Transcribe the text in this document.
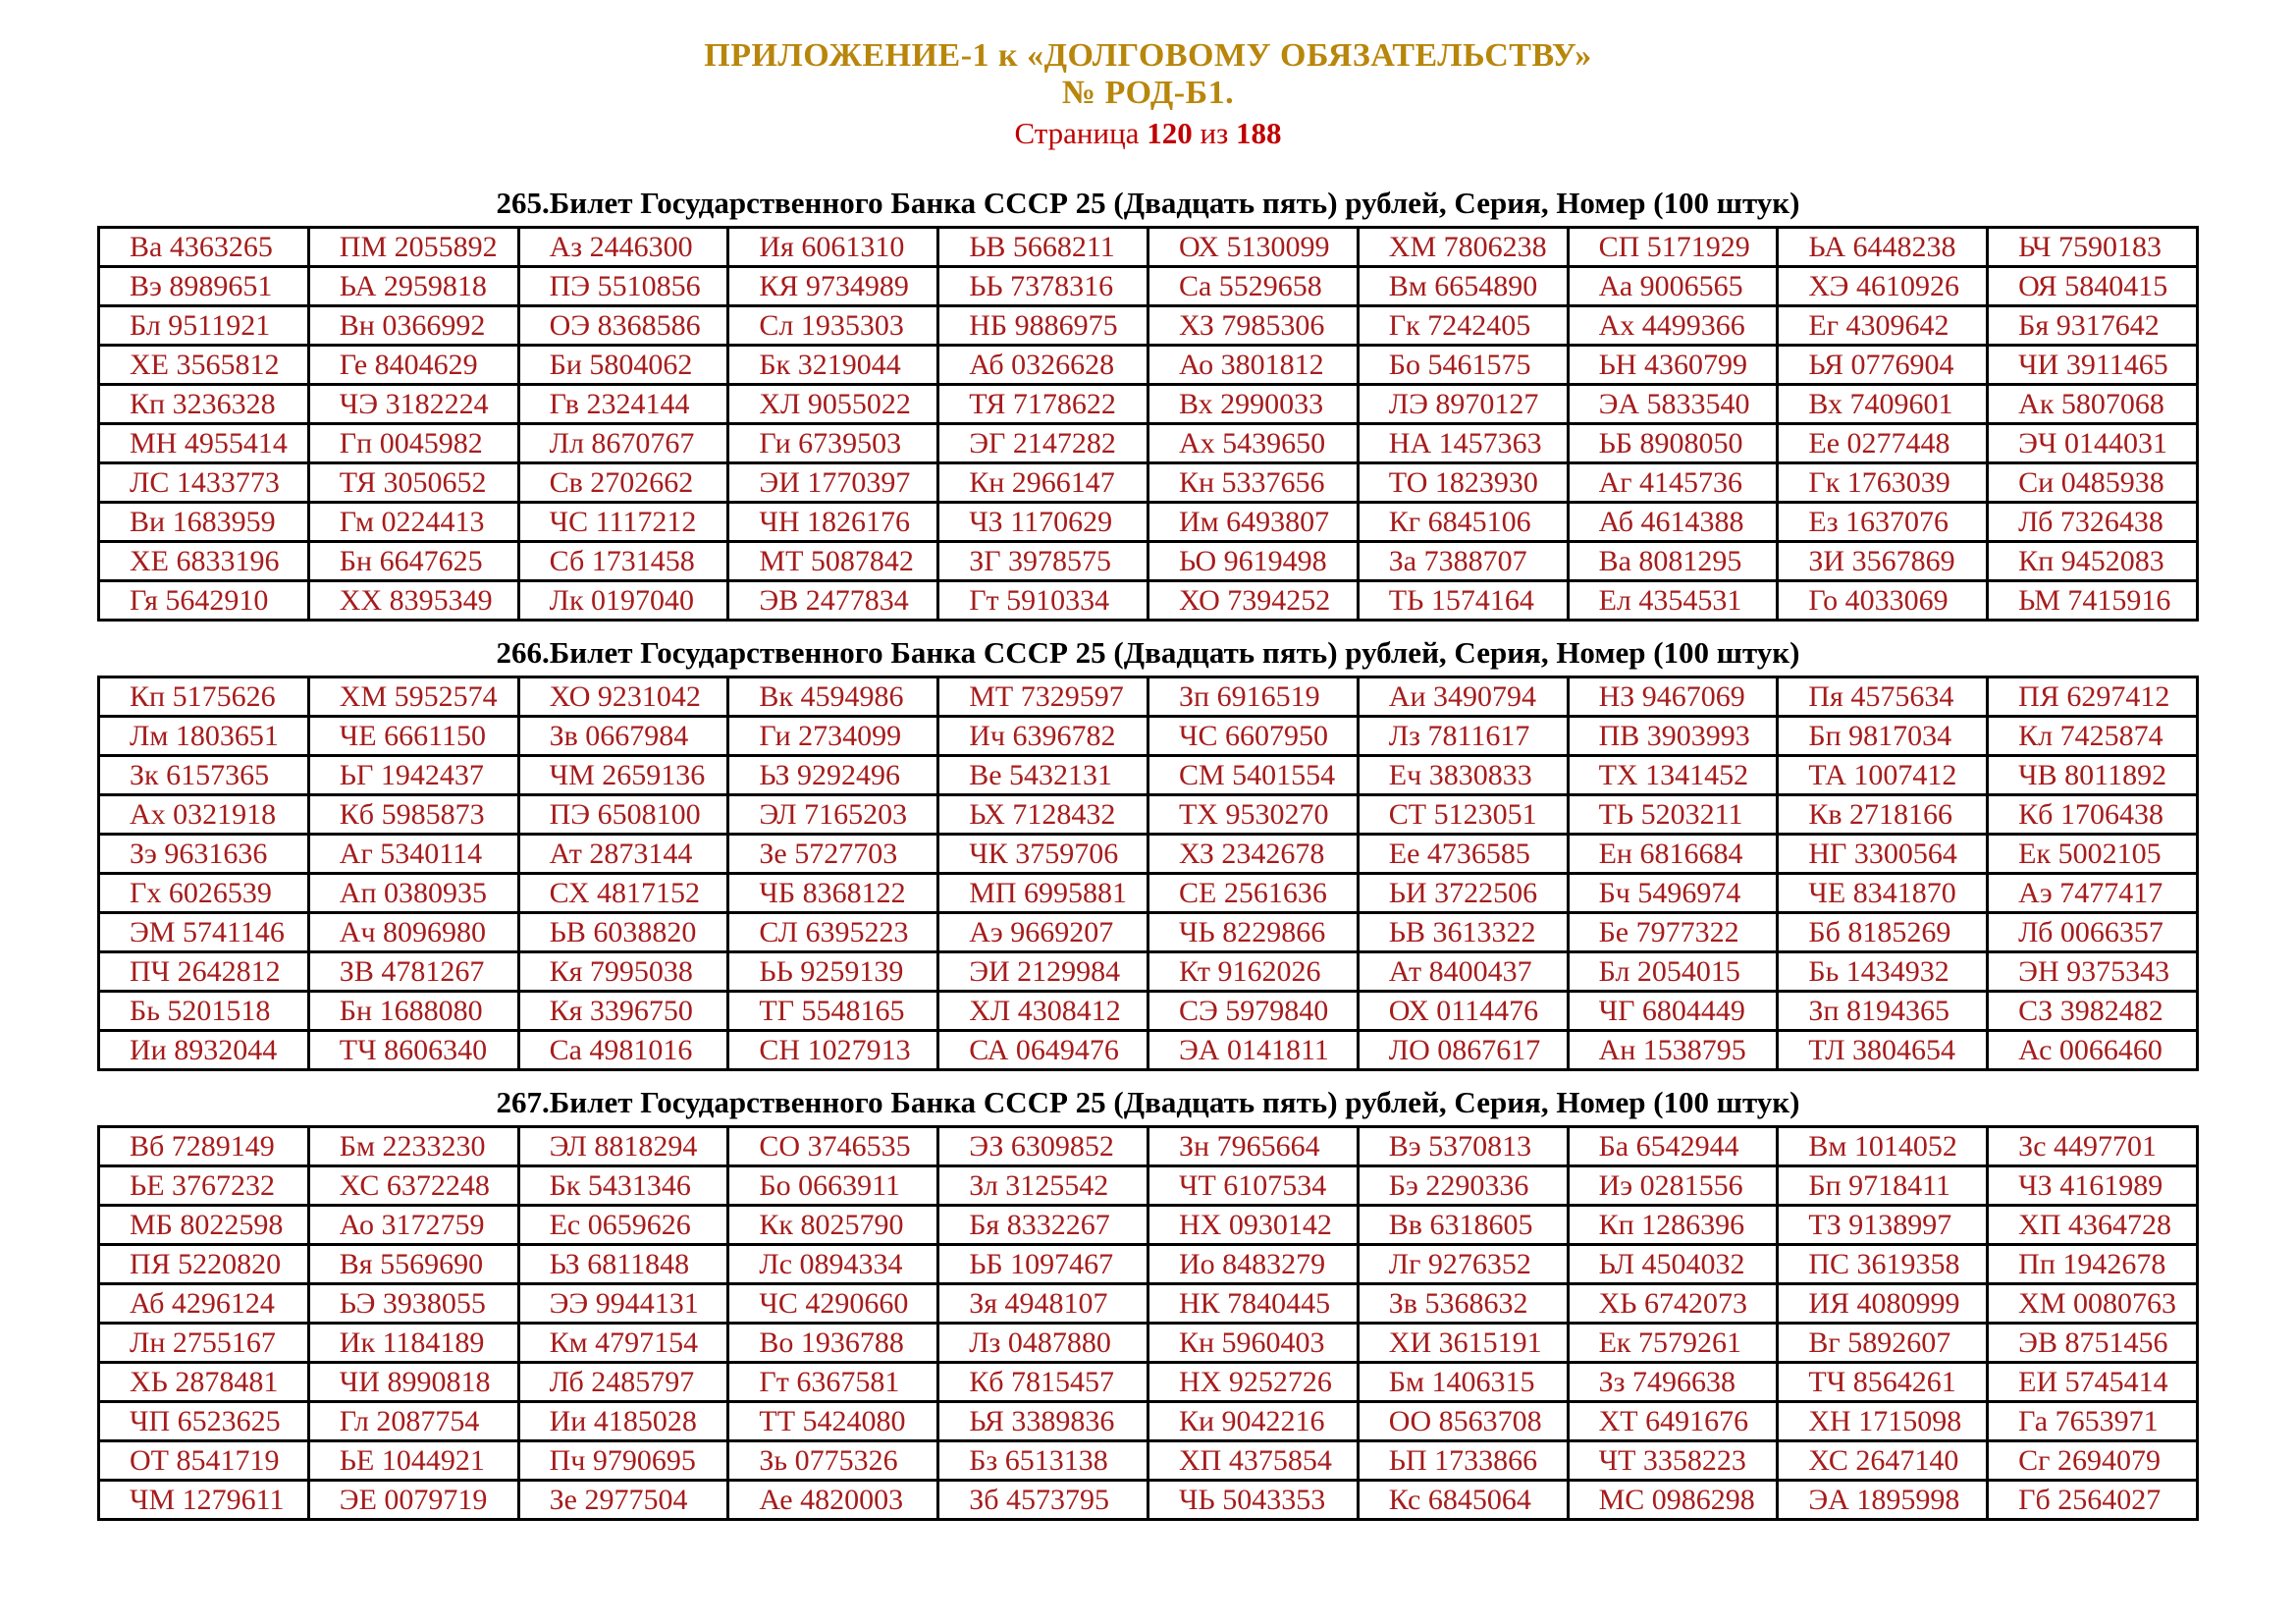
ПРИЛОЖЕНИЕ-1 к «ДОЛГОВОМУ ОБЯЗАТЕЛЬСТВУ»
№ РОД-Б1.
Страница 120 из 188
265.Билет Государственного Банка СССР 25 (Двадцать пять) рублей, Серия, Номер (100 штук)
Ва 4363265	ПМ 2055892	Аз 2446300	Ия 6061310	ЬВ 5668211	ОХ 5130099	ХМ 7806238	СП 5171929	ЬА 6448238	ЬЧ 7590183
Вэ 8989651	ЬА 2959818	ПЭ 5510856	КЯ 9734989	ЬЬ 7378316	Са 5529658	Вм 6654890	Аа 9006565	ХЭ 4610926	ОЯ 5840415
Бл 9511921	Вн 0366992	ОЭ 8368586	Сл 1935303	НБ 9886975	ХЗ 7985306	Гк 7242405	Ах 4499366	Ег 4309642	Бя 9317642
ХЕ 3565812	Ге 8404629	Би 5804062	Бк 3219044	Аб 0326628	Ао 3801812	Бо 5461575	ЬН 4360799	ЬЯ 0776904	ЧИ 3911465
Кп 3236328	ЧЭ 3182224	Гв 2324144	ХЛ 9055022	ТЯ 7178622	Вх 2990033	ЛЭ 8970127	ЭА 5833540	Вх 7409601	Ак 5807068
МН 4955414	Гп 0045982	Лл 8670767	Ги 6739503	ЭГ 2147282	Ах 5439650	НА 1457363	ЬБ 8908050	Ее 0277448	ЭЧ 0144031
ЛС 1433773	ТЯ 3050652	Св 2702662	ЭИ 1770397	Кн 2966147	Кн 5337656	ТО 1823930	Аг 4145736	Гк 1763039	Си 0485938
Ви 1683959	Гм 0224413	ЧС 1117212	ЧН 1826176	ЧЗ 1170629	Им 6493807	Кг 6845106	Аб 4614388	Ез 1637076	Лб 7326438
ХЕ 6833196	Бн 6647625	Сб 1731458	МТ 5087842	ЗГ 3978575	ЬО 9619498	За 7388707	Ва 8081295	ЗИ 3567869	Кп 9452083
Гя 5642910	ХХ 8395349	Лк 0197040	ЭВ 2477834	Гт 5910334	ХО 7394252	ТЬ 1574164	Ел 4354531	Го 4033069	ЬМ 7415916
266.Билет Государственного Банка СССР 25 (Двадцать пять) рублей, Серия, Номер (100 штук)
Кп 5175626	ХМ 5952574	ХО 9231042	Вк 4594986	МТ 7329597	Зп 6916519	Аи 3490794	НЗ 9467069	Пя 4575634	ПЯ 6297412
Лм 1803651	ЧЕ 6661150	Зв 0667984	Ги 2734099	Ич 6396782	ЧС 6607950	Лз 7811617	ПВ 3903993	Бп 9817034	Кл 7425874
Зк 6157365	ЬГ 1942437	ЧМ 2659136	ЬЗ 9292496	Ве 5432131	СМ 5401554	Еч 3830833	ТХ 1341452	ТА 1007412	ЧВ 8011892
Ах 0321918	Кб 5985873	ПЭ 6508100	ЭЛ 7165203	ЬХ 7128432	ТХ 9530270	СТ 5123051	ТЬ 5203211	Кв 2718166	Кб 1706438
Зэ 9631636	Аг 5340114	Ат 2873144	Зе 5727703	ЧК 3759706	ХЗ 2342678	Ее 4736585	Ен 6816684	НГ 3300564	Ек 5002105
Гх 6026539	Ап 0380935	СХ 4817152	ЧБ 8368122	МП 6995881	СЕ 2561636	ЬИ 3722506	Бч 5496974	ЧЕ 8341870	Аэ 7477417
ЭМ 5741146	Ач 8096980	ЬВ 6038820	СЛ 6395223	Аэ 9669207	ЧЬ 8229866	ЬВ 3613322	Бе 7977322	Бб 8185269	Лб 0066357
ПЧ 2642812	ЗВ 4781267	Кя 7995038	ЬЬ 9259139	ЭИ 2129984	Кт 9162026	Ат 8400437	Бл 2054015	Бь 1434932	ЭН 9375343
Бь 5201518	Бн 1688080	Кя 3396750	ТГ 5548165	ХЛ 4308412	СЭ 5979840	ОХ 0114476	ЧГ 6804449	Зп 8194365	СЗ 3982482
Ии 8932044	ТЧ 8606340	Са 4981016	СН 1027913	СА 0649476	ЭА 0141811	ЛО 0867617	Ан 1538795	ТЛ 3804654	Ас 0066460
267.Билет Государственного Банка СССР 25 (Двадцать пять) рублей, Серия, Номер (100 штук)
Вб 7289149	Бм 2233230	ЭЛ 8818294	СО 3746535	ЭЗ 6309852	Зн 7965664	Вэ 5370813	Ба 6542944	Вм 1014052	Зс 4497701
ЬЕ 3767232	ХС 6372248	Бк 5431346	Бо 0663911	Зл 3125542	ЧТ 6107534	Бэ 2290336	Иэ 0281556	Бп 9718411	ЧЗ 4161989
МБ 8022598	Ао 3172759	Ес 0659626	Кк 8025790	Бя 8332267	НХ 0930142	Вв 6318605	Кп 1286396	ТЗ 9138997	ХП 4364728
ПЯ 5220820	Вя 5569690	ЬЗ 6811848	Лс 0894334	ЬБ 1097467	Ио 8483279	Лг 9276352	ЬЛ 4504032	ПС 3619358	Пп 1942678
Аб 4296124	ЬЭ 3938055	ЭЭ 9944131	ЧС 4290660	Зя 4948107	НК 7840445	Зв 5368632	ХЬ 6742073	ИЯ 4080999	ХМ 0080763
Лн 2755167	Ик 1184189	Км 4797154	Во 1936788	Лз 0487880	Кн 5960403	ХИ 3615191	Ек 7579261	Вг 5892607	ЭВ 8751456
ХЬ 2878481	ЧИ 8990818	Лб 2485797	Гт 6367581	Кб 7815457	НХ 9252726	Бм 1406315	Зз 7496638	ТЧ 8564261	ЕИ 5745414
ЧП 6523625	Гл 2087754	Ии 4185028	ТТ 5424080	ЬЯ 3389836	Ки 9042216	ОО 8563708	ХТ 6491676	ХН 1715098	Га 7653971
ОТ 8541719	ЬЕ 1044921	Пч 9790695	Зь 0775326	Бз 6513138	ХП 4375854	ЬП 1733866	ЧТ 3358223	ХС 2647140	Сг 2694079
ЧМ 1279611	ЭЕ 0079719	Зе 2977504	Ае 4820003	Зб 4573795	ЧЬ 5043353	Кс 6845064	МС 0986298	ЭА 1895998	Гб 2564027
